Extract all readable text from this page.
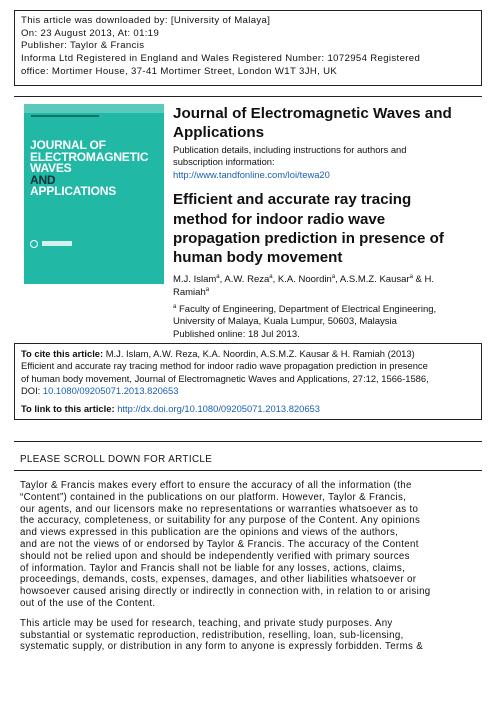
This article was downloaded by: [University of Malaya]
On: 23 August 2013, At: 01:19
Publisher: Taylor & Francis
Informa Ltd Registered in England and Wales Registered Number: 1072954 Registered
office: Mortimer House, 37-41 Mortimer Street, London W1T 3JH, UK
JOURNAL OF
ELECTROMAGNETIC
WAVES
AND
APPLICATIONS
Journal of Electromagnetic Waves and
Applications
Publication details, including instructions for authors and
subscription information:
http://www.tandfonline.com/loi/tewa20
Efficient and accurate ray tracing
method for indoor radio wave
propagation prediction in presence of
human body movement
M.J. Islam$^a$, A.W. Reza$^a$, K.A. Noordin$^a$, A.S.M.Z. Kausar$^a$ & H.
Ramiah$^a$
$^a$ Faculty of Engineering, Department of Electrical Engineering,
University of Malaya, Kuala Lumpur, 50603, Malaysia
Published online: 18 Jul 2013.
To cite this article: M.J. Islam, A.W. Reza, K.A. Noordin, A.S.M.Z. Kausar & H. Ramiah (2013)
Efficient and accurate ray tracing method for indoor radio wave propagation prediction in presence
of human body movement, Journal of Electromagnetic Waves and Applications, 27:12, 1566-1586,
DOI: 10.1080/09205071.2013.820653
To link to this article: http://dx.doi.org/10.1080/09205071.2013.820653
PLEASE SCROLL DOWN FOR ARTICLE

Taylor & Francis makes every effort to ensure the accuracy of all the information (the
“Content”) contained in the publications on our platform. However, Taylor & Francis,
our agents, and our licensors make no representations or warranties whatsoever as to
the accuracy, completeness, or suitability for any purpose of the Content. Any opinions
and views expressed in this publication are the opinions and views of the authors,
and are not the views of or endorsed by Taylor & Francis. The accuracy of the Content
should not be relied upon and should be independently verified with primary sources
of information. Taylor and Francis shall not be liable for any losses, actions, claims,
proceedings, demands, costs, expenses, damages, and other liabilities whatsoever or
howsoever caused arising directly or indirectly in connection with, in relation to or arising
out of the use of the Content.

This article may be used for research, teaching, and private study purposes. Any
substantial or systematic reproduction, redistribution, reselling, loan, sub-licensing,
systematic supply, or distribution in any form to anyone is expressly forbidden. Terms &
